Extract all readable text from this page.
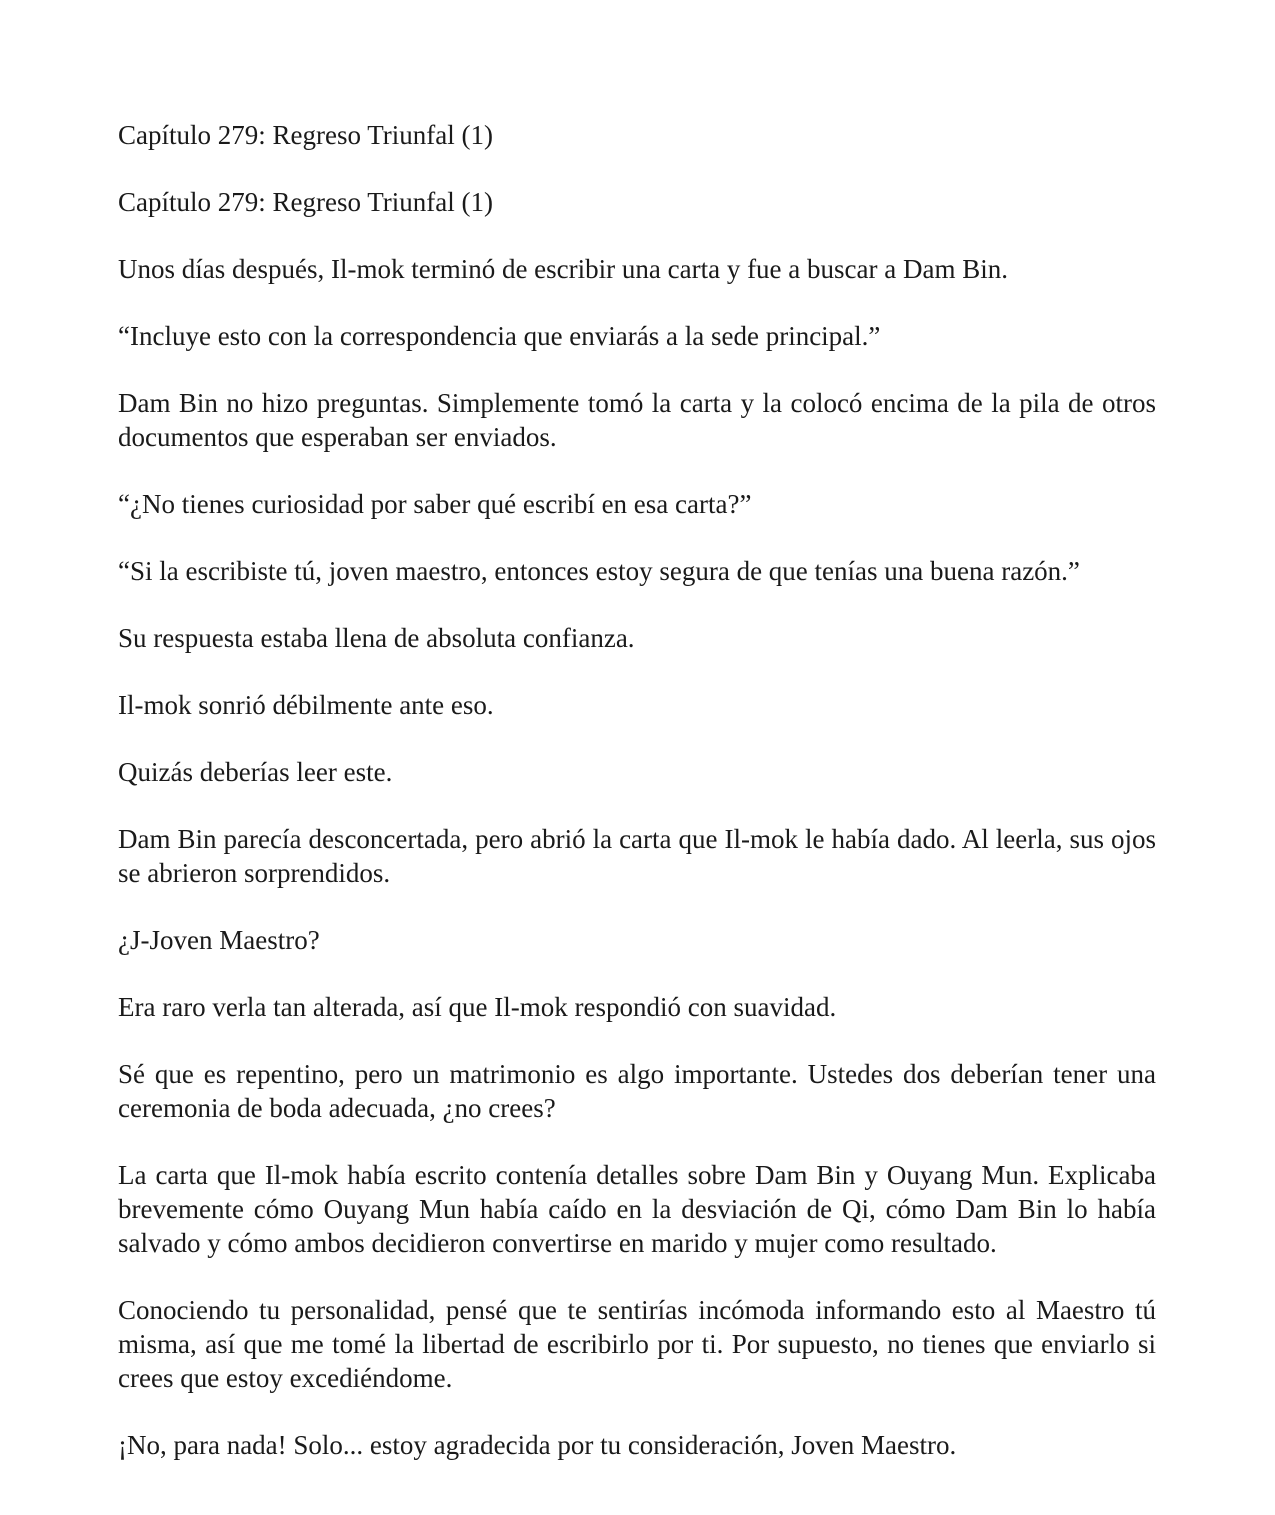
Capítulo 279: Regreso Triunfal (1)

Capítulo 279: Regreso Triunfal (1)

Unos días después, Il-mok terminó de escribir una carta y fue a buscar a Dam Bin.

“Incluye esto con la correspondencia que enviarás a la sede principal.”

Dam Bin no hizo preguntas. Simplemente tomó la carta y la colocó encima de la pila de otros documentos que esperaban ser enviados.

“¿No tienes curiosidad por saber qué escribí en esa carta?”

“Si la escribiste tú, joven maestro, entonces estoy segura de que tenías una buena razón.”

Su respuesta estaba llena de absoluta confianza.

Il-mok sonrió débilmente ante eso.

Quizás deberías leer este.

Dam Bin parecía desconcertada, pero abrió la carta que Il-mok le había dado. Al leerla, sus ojos se abrieron sorprendidos.

¿J-Joven Maestro?

Era raro verla tan alterada, así que Il-mok respondió con suavidad.

Sé que es repentino, pero un matrimonio es algo importante. Ustedes dos deberían tener una ceremonia de boda adecuada, ¿no crees?

La carta que Il-mok había escrito contenía detalles sobre Dam Bin y Ouyang Mun. Explicaba brevemente cómo Ouyang Mun había caído en la desviación de Qi, cómo Dam Bin lo había salvado y cómo ambos decidieron convertirse en marido y mujer como resultado.

Conociendo tu personalidad, pensé que te sentirías incómoda informando esto al Maestro tú misma, así que me tomé la libertad de escribirlo por ti. Por supuesto, no tienes que enviarlo si crees que estoy excediéndome.

¡No, para nada! Solo... estoy agradecida por tu consideración, Joven Maestro.
